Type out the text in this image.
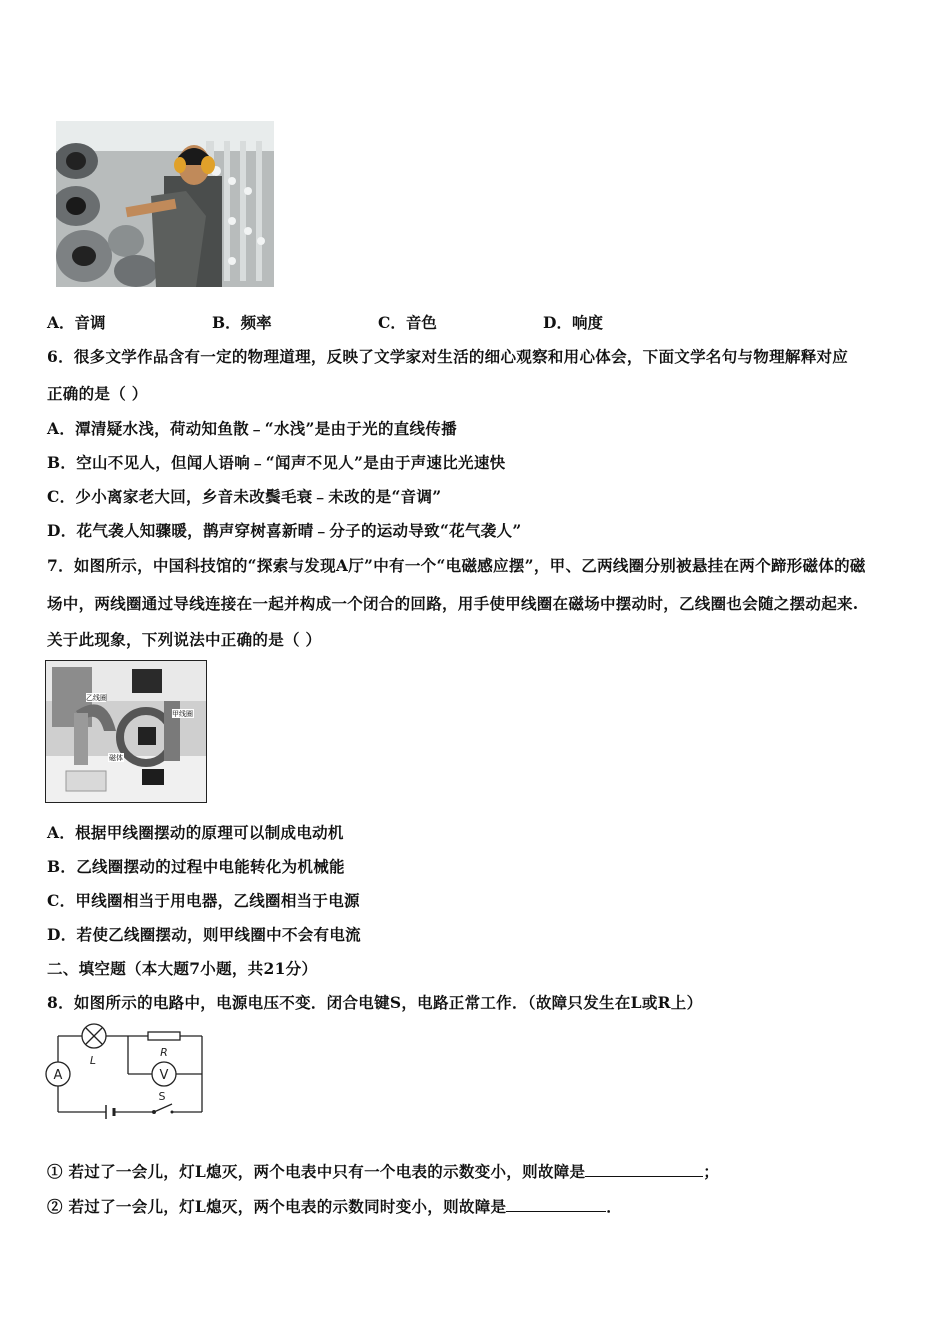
A．音调	B．频率	C．音色	D．响度
6．很多文学作品含有一定的物理道理，反映了文学家对生活的细心观察和用心体会，下面文学名句与物理解释对应
正确的是（ ）
A．潭清疑水浅，荷动知鱼散﹣“水浅”是由于光的直线传播
B．空山不见人，但闻人语响﹣“闻声不见人”是由于声速比光速快
C．少小离家老大回，乡音未改鬓毛衰﹣未改的是“音调”
D．花气袭人知骤暖，鹊声穿树喜新晴﹣分子的运动导致“花气袭人”
7．如图所示，中国科技馆的“探索与发现A厅”中有一个“电磁感应摆”，甲、乙两线圈分别被悬挂在两个蹄形磁体的磁
场中，两线圈通过导线连接在一起并构成一个闭合的回路，用手使甲线圈在磁场中摆动时，乙线圈也会随之摆动起来.
关于此现象，下列说法中正确的是（ ）
乙线圈
甲线圈
磁体
A．根据甲线圈摆动的原理可以制成电动机
B．乙线圈摆动的过程中电能转化为机械能
C．甲线圈相当于用电器，乙线圈相当于电源
D．若使乙线圈摆动，则甲线圈中不会有电流
二、填空题（本大题7小题，共21分）
8．如图所示的电路中，电源电压不变．闭合电键S，电路正常工作．（故障只发生在L或R上）
A	V
L
R
S
① 若过了一会儿，灯L熄灭，两个电表中只有一个电表的示数变小，则故障是	；
② 若过了一会儿，灯L熄灭，两个电表的示数同时变小，则故障是	．
